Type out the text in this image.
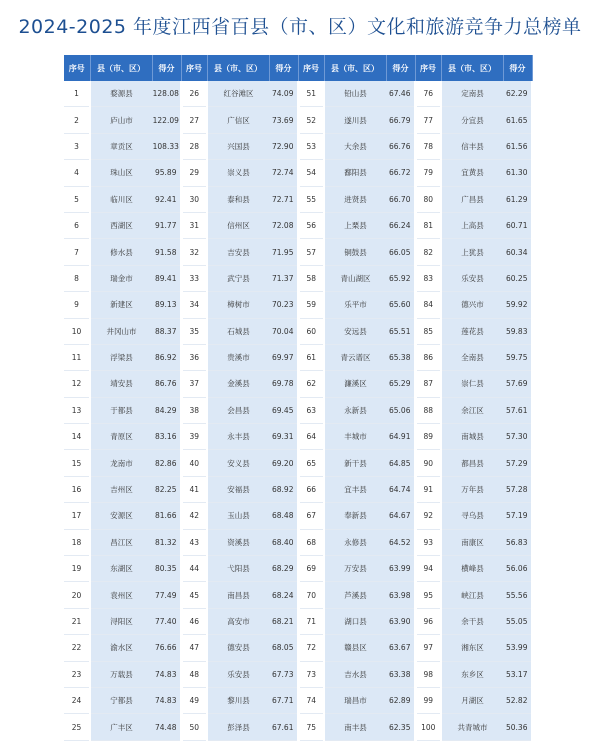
2024-2025 年度江西省百县（市、区）文化和旅游竞争力总榜单
序号	县（市、区）	得分	序号	县（市、区）	得分	序号	县（市、区）	得分	序号	县（市、区）	得分
1	婺源县	128.08	26	红谷滩区	74.09	51	铅山县	67.46	76	定南县	62.29
2	庐山市	122.09	27	广信区	73.69	52	遂川县	66.79	77	分宜县	61.65
3	章贡区	108.33	28	兴国县	72.90	53	大余县	66.76	78	信丰县	61.56
4	珠山区	95.89	29	崇义县	72.74	54	鄱阳县	66.72	79	宜黄县	61.30
5	临川区	92.41	30	泰和县	72.71	55	进贤县	66.70	80	广昌县	61.29
6	西湖区	91.77	31	信州区	72.08	56	上栗县	66.24	81	上高县	60.71
7	修水县	91.58	32	吉安县	71.95	57	铜鼓县	66.05	82	上犹县	60.34
8	瑞金市	89.41	33	武宁县	71.37	58	青山湖区	65.92	83	乐安县	60.25
9	新建区	89.13	34	樟树市	70.23	59	乐平市	65.60	84	德兴市	59.92
10	井冈山市	88.37	35	石城县	70.04	60	安远县	65.51	85	莲花县	59.83
11	浮梁县	86.92	36	贵溪市	69.97	61	青云谱区	65.38	86	全南县	59.75
12	靖安县	86.76	37	金溪县	69.78	62	濂溪区	65.29	87	崇仁县	57.69
13	于都县	84.29	38	会昌县	69.45	63	永新县	65.06	88	余江区	57.61
14	青原区	83.16	39	永丰县	69.31	64	丰城市	64.91	89	南城县	57.30
15	龙南市	82.86	40	安义县	69.20	65	新干县	64.85	90	都昌县	57.29
16	吉州区	82.25	41	安福县	68.92	66	宜丰县	64.74	91	万年县	57.28
17	安源区	81.66	42	玉山县	68.48	67	奉新县	64.67	92	寻乌县	57.19
18	昌江区	81.32	43	资溪县	68.40	68	永修县	64.52	93	南康区	56.83
19	东湖区	80.35	44	弋阳县	68.29	69	万安县	63.99	94	横峰县	56.06
20	袁州区	77.49	45	南昌县	68.24	70	芦溪县	63.98	95	峡江县	55.56
21	浔阳区	77.40	46	高安市	68.21	71	湖口县	63.90	96	余干县	55.05
22	渝水区	76.66	47	德安县	68.05	72	赣县区	63.67	97	湘东区	53.99
23	万载县	74.83	48	乐安县	67.73	73	吉水县	63.38	98	东乡区	53.17
24	宁都县	74.83	49	黎川县	67.71	74	瑞昌市	62.89	99	月湖区	52.82
25	广丰区	74.48	50	彭泽县	67.61	75	南丰县	62.35	100	共青城市	50.36
